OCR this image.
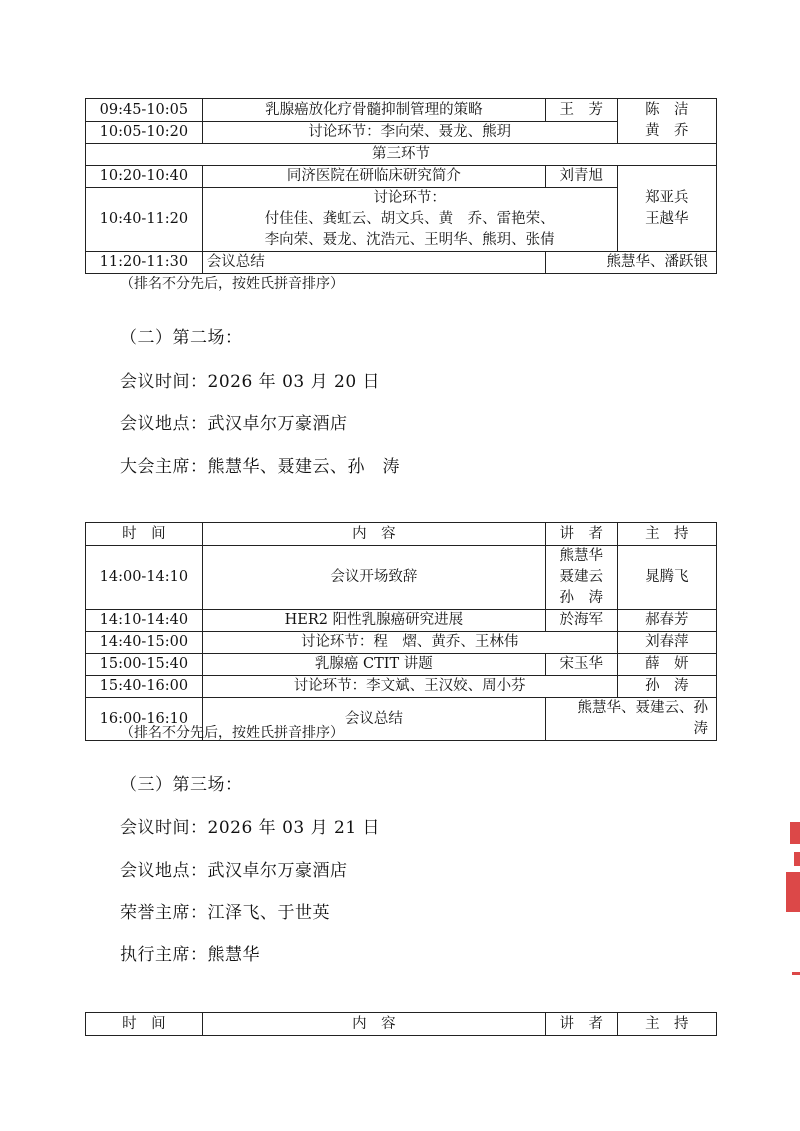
09:45-10:05	乳腺癌放化疗骨髓抑制管理的策略	王　芳	陈　洁
黄　乔

10:05-10:20	讨论环节：李向荣、聂龙、熊玥		
第三环节			
10:20-10:40	同济医院在研临床研究简介	刘青旭	郑亚兵
王越华

10:40-11:20	讨论环节：
付佳佳、龚虹云、胡文兵、黄　乔、雷艳荣、
李向荣、聂龙、沈浩元、王明华、熊玥、张倩		

11:20-11:30	会议总结	熊慧华、潘跃银	
（排名不分先后，按姓氏拼音排序）
（二）第二场：
会议时间：2026 年 03 月 20 日
会议地点：武汉卓尔万豪酒店
大会主席：熊慧华、聂建云、孙　涛
时　间	内　容	讲　者	主　持
14:00-14:10	会议开场致辞	熊慧华
聂建云
孙　涛	晁腾飞
14:10-14:40	HER2 阳性乳腺癌研究进展	於海军	郝春芳
14:40-15:00	讨论环节：程　熠、黄乔、王林伟		刘春萍
15:00-15:40	乳腺癌 CTIT 讲题	宋玉华	薛　妍
15:40-16:00	讨论环节：李文斌、王汉姣、周小芬		孙　涛
16:00-16:10	会议总结	熊慧华、聂建云、孙　涛	
（排名不分先后，按姓氏拼音排序）
（三）第三场：
会议时间：2026 年 03 月 21 日
会议地点：武汉卓尔万豪酒店
荣誉主席：江泽飞、于世英
执行主席：熊慧华
时　间	内　容	讲　者	主　持
